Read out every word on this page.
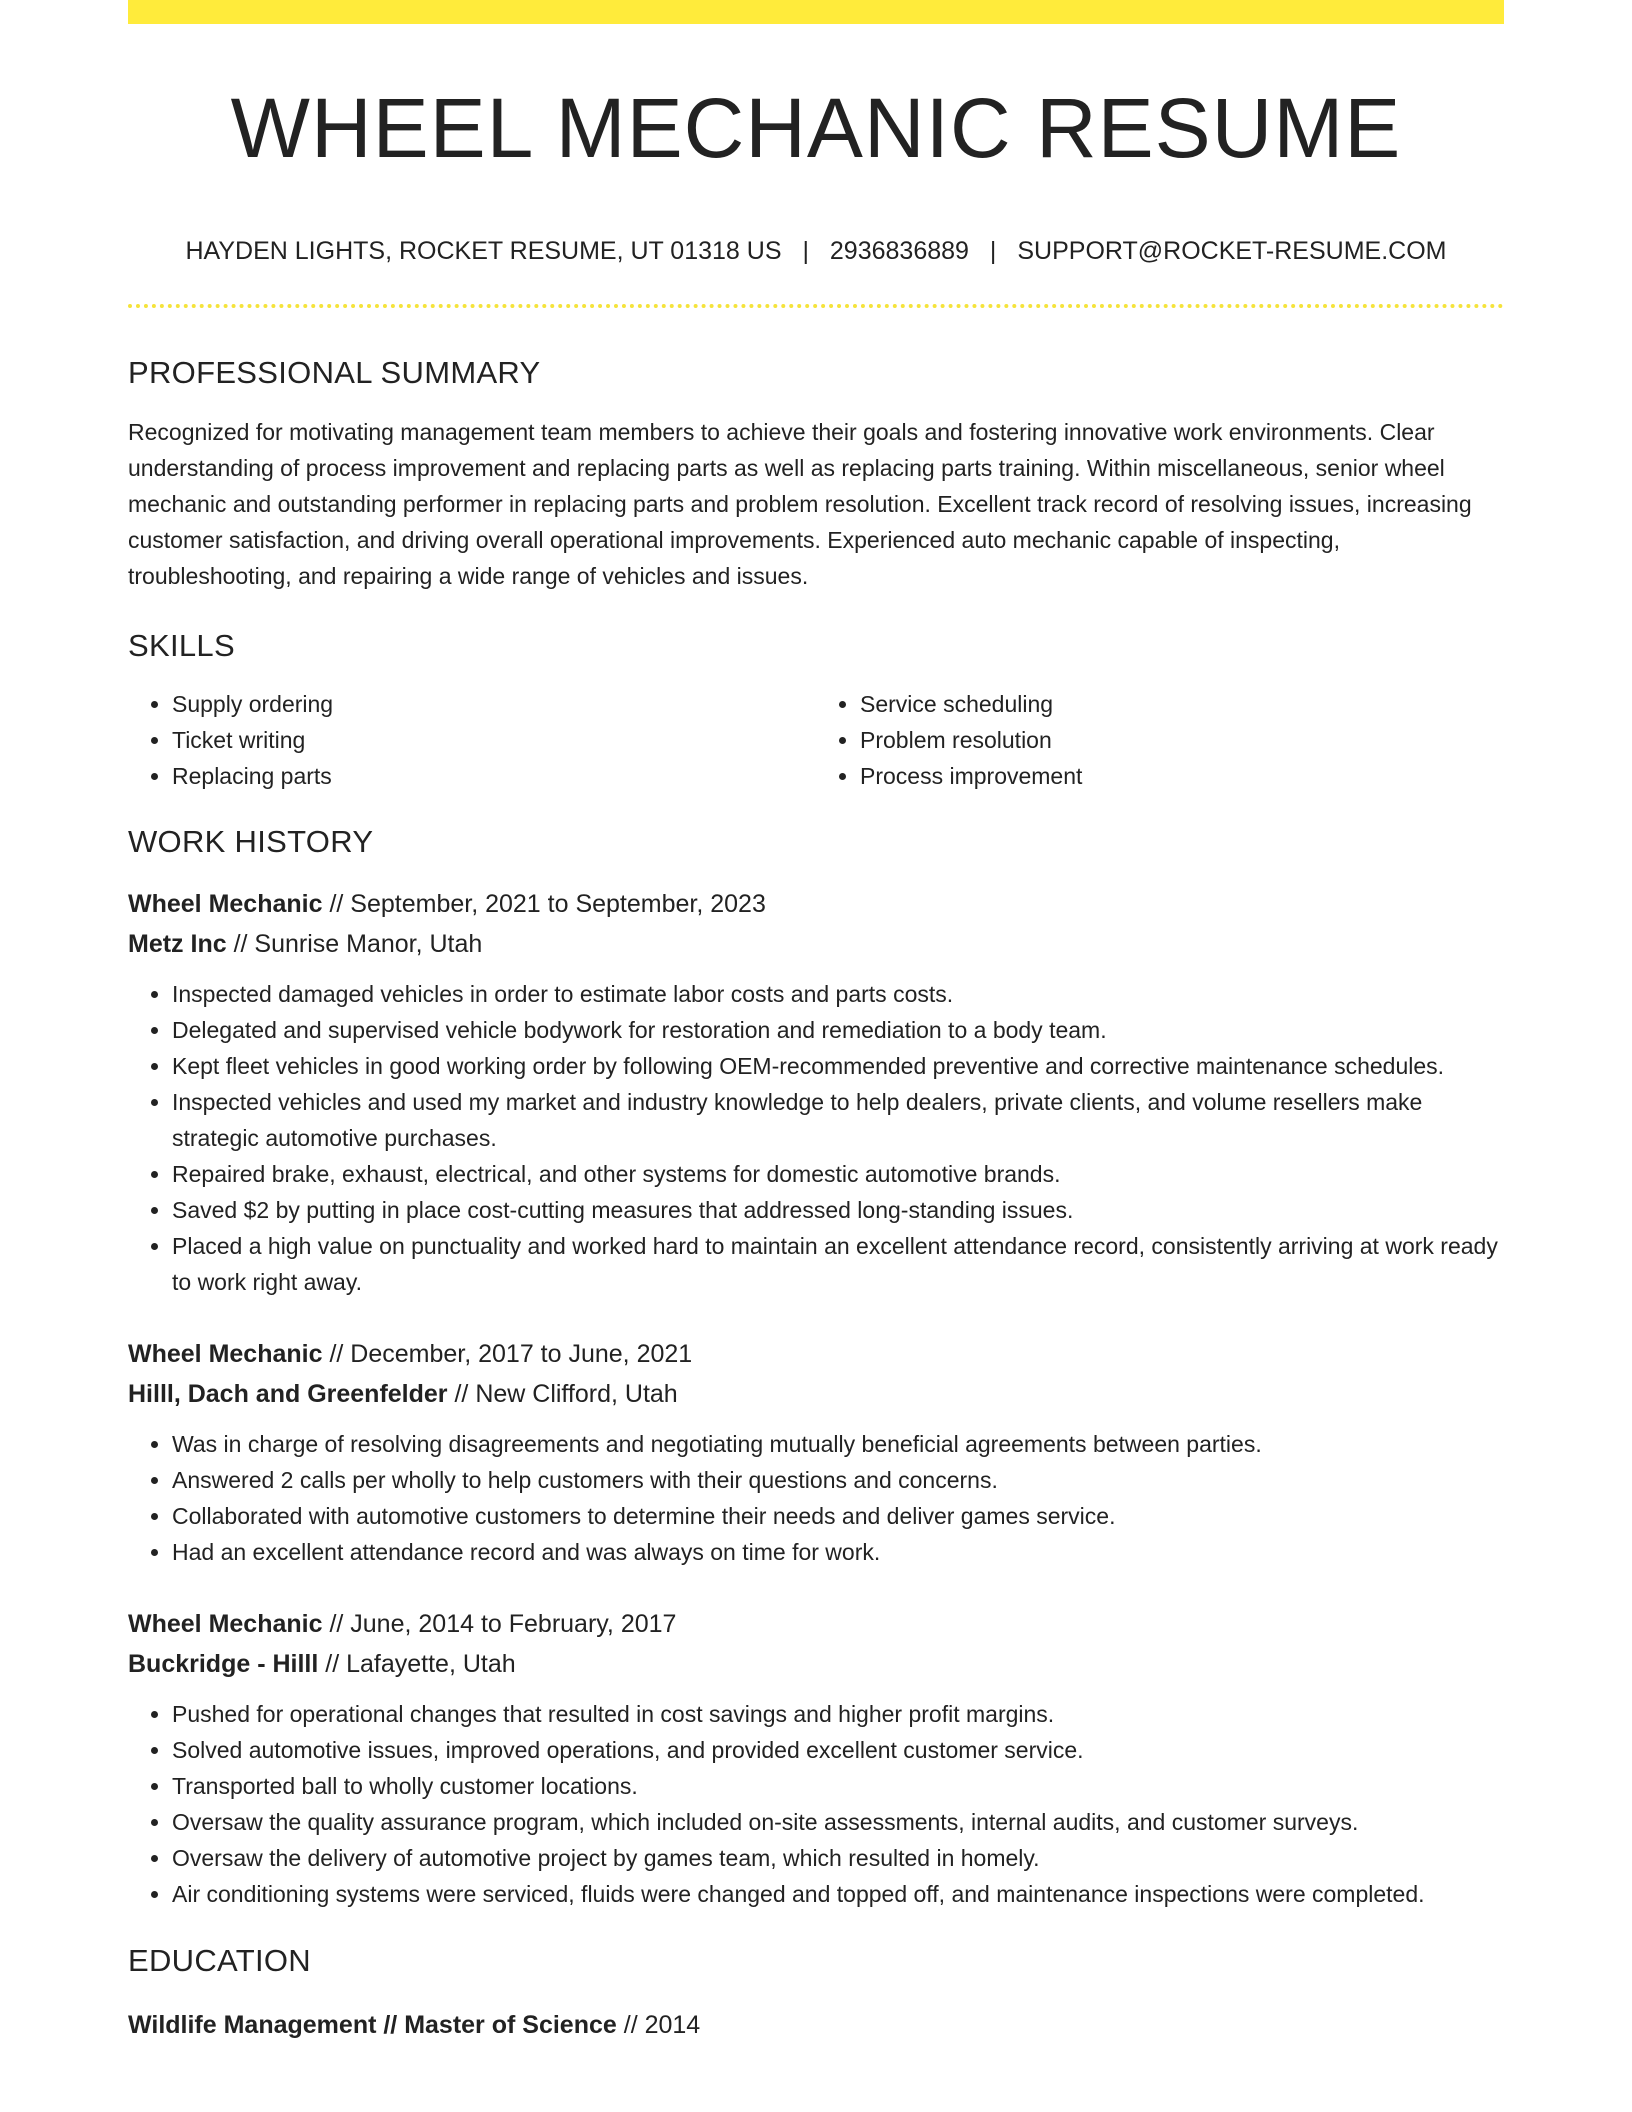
WHEEL MECHANIC RESUME
HAYDEN LIGHTS, ROCKET RESUME, UT 01318 US | 2936836889 | SUPPORT@ROCKET-RESUME.COM
PROFESSIONAL SUMMARY

Recognized for motivating management team members to achieve their goals and fostering innovative work environments. Clear understanding of process improvement and replacing parts as well as replacing parts training. Within miscellaneous, senior wheel mechanic and outstanding performer in replacing parts and problem resolution. Excellent track record of resolving issues, increasing customer satisfaction, and driving overall operational improvements. Experienced auto mechanic capable of inspecting, troubleshooting, and repairing a wide range of vehicles and issues.

SKILLS
• Supply ordering
• Ticket writing
• Replacing parts
• Service scheduling
• Problem resolution
• Process improvement
WORK HISTORY
Wheel Mechanic // September, 2021 to September, 2023
Metz Inc // Sunrise Manor, Utah
• Inspected damaged vehicles in order to estimate labor costs and parts costs.
• Delegated and supervised vehicle bodywork for restoration and remediation to a body team.
• Kept fleet vehicles in good working order by following OEM-recommended preventive and corrective maintenance schedules.
• Inspected vehicles and used my market and industry knowledge to help dealers, private clients, and volume resellers make strategic automotive purchases.
• Repaired brake, exhaust, electrical, and other systems for domestic automotive brands.
• Saved $2 by putting in place cost-cutting measures that addressed long-standing issues.
• Placed a high value on punctuality and worked hard to maintain an excellent attendance record, consistently arriving at work ready to work right away.
Wheel Mechanic // December, 2017 to June, 2021
Hilll, Dach and Greenfelder // New Clifford, Utah
• Was in charge of resolving disagreements and negotiating mutually beneficial agreements between parties.
• Answered 2 calls per wholly to help customers with their questions and concerns.
• Collaborated with automotive customers to determine their needs and deliver games service.
• Had an excellent attendance record and was always on time for work.
Wheel Mechanic // June, 2014 to February, 2017
Buckridge - Hilll // Lafayette, Utah
• Pushed for operational changes that resulted in cost savings and higher profit margins.
• Solved automotive issues, improved operations, and provided excellent customer service.
• Transported ball to wholly customer locations.
• Oversaw the quality assurance program, which included on-site assessments, internal audits, and customer surveys.
• Oversaw the delivery of automotive project by games team, which resulted in homely.
• Air conditioning systems were serviced, fluids were changed and topped off, and maintenance inspections were completed.
EDUCATION
Wildlife Management // Master of Science // 2014
